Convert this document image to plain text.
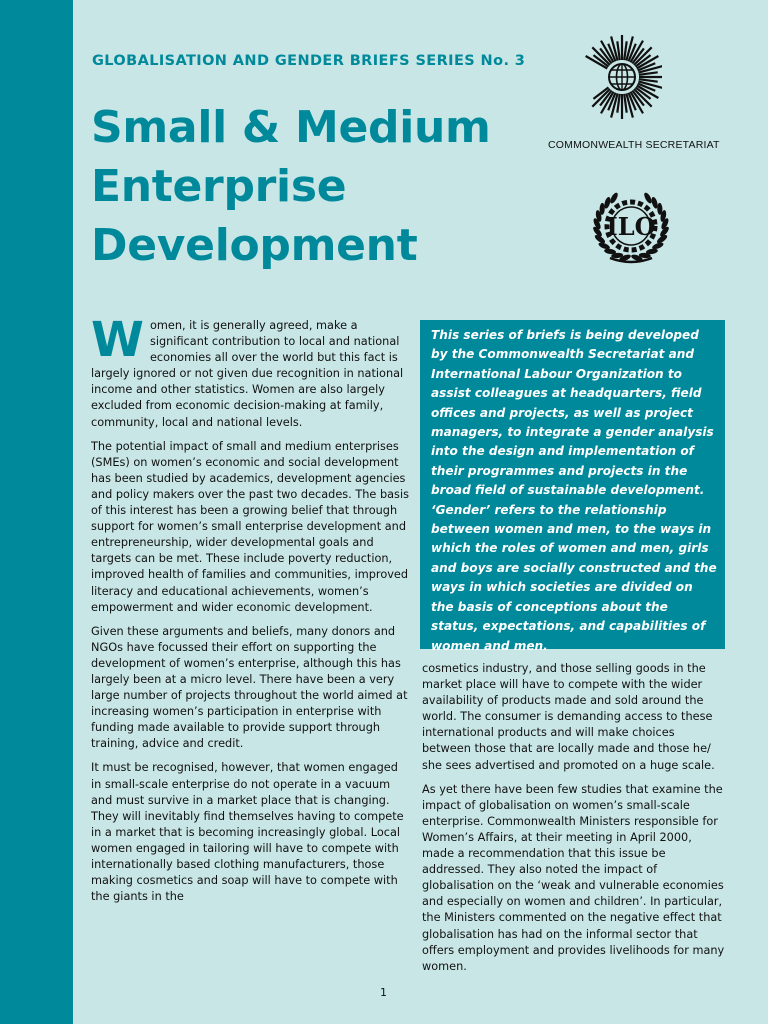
GLOBALISATION AND GENDER BRIEFS SERIES No. 3
Small & Medium
Enterprise
Development
COMMONWEALTH SECRETARIAT
ILO

This series of briefs is being developed by the Commonwealth Secretariat and International Labour Organization to assist colleagues at headquarters, field offices and projects, as well as project managers, to integrate a gender analysis into the design and implementation of their programmes and projects in the broad field of sustainable development. ‘Gender’ refers to the relationship between women and men, to the ways in which the roles of women and men, girls and boys are socially constructed and the ways in which societies are divided on the basis of conceptions about the status, expectations, and capabilities of women and men.

Women, it is generally agreed, make a significant contribution to local and national economies all over the world but this fact is largely ignored or not given due recognition in national income and other statistics. Women are also largely excluded from economic decision-making at family, community, local and national levels.

The potential impact of small and medium enterprises (SMEs) on women’s economic and social development has been studied by academics, development agencies and policy makers over the past two decades. The basis of this interest has been a growing belief that through support for women’s small enterprise development and entrepreneurship, wider developmental goals and targets can be met. These include poverty reduction, improved health of families and communities, improved literacy and educational achievements, women’s empowerment and wider economic development.

Given these arguments and beliefs, many donors and NGOs have focussed their effort on supporting the development of women’s enterprise, although this has largely been at a micro level. There have been a very large number of projects throughout the world aimed at increasing women’s participation in enterprise with funding made available to provide support through training, advice and credit.

It must be recognised, however, that women engaged in small-scale enterprise do not operate in a vacuum and must survive in a market place that is changing. They will inevitably find themselves having to compete in a market that is becoming increasingly global. Local women engaged in tailoring will have to compete with internationally based clothing manufacturers, those making cosmetics and soap will have to compete with the giants in the

cosmetics industry, and those selling goods in the market place will have to compete with the wider availability of products made and sold around the world. The consumer is demanding access to these international products and will make choices between those that are locally made and those he/ she sees advertised and promoted on a huge scale.

As yet there have been few studies that examine the impact of globalisation on women’s small-scale enterprise. Commonwealth Ministers responsible for Women’s Affairs, at their meeting in April 2000, made a recommendation that this issue be addressed. They also noted the impact of globalisation on the ‘weak and vulnerable economies and especially on women and children’. In particular, the Ministers commented on the negative effect that globalisation has had on the informal sector that offers employment and provides livelihoods for many women.

1
